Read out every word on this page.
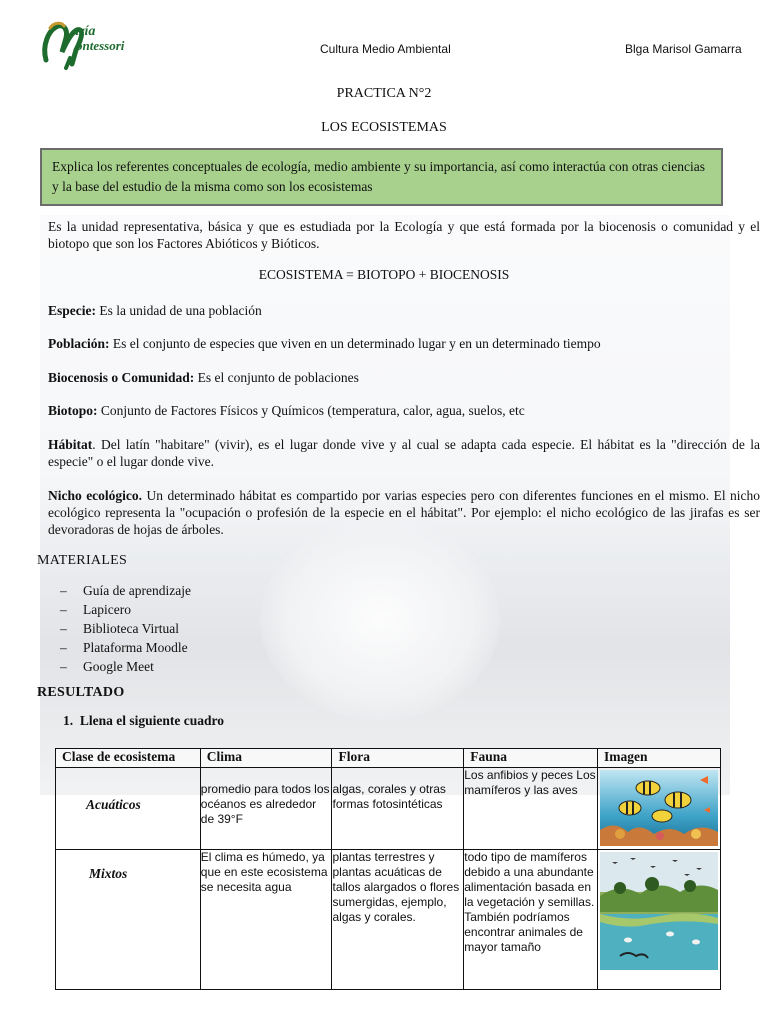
aría
ontessori	Cultura Medio Ambiental	Blga Marisol Gamarra
PRACTICA N°2
LOS ECOSISTEMAS
Explica los referentes conceptuales de ecología, medio ambiente y su importancia, así como interactúa con otras ciencias y la base del estudio de la misma como son los ecosistemas
Es la unidad representativa, básica y que es estudiada por la Ecología y que está formada por la biocenosis o comunidad y el biotopo que son los Factores Abióticos y Bióticos.
ECOSISTEMA = BIOTOPO + BIOCENOSIS
Especie: Es la unidad de una población
Población: Es el conjunto de especies que viven en un determinado lugar y en un determinado tiempo
Biocenosis o Comunidad: Es el conjunto de poblaciones
Biotopo: Conjunto de Factores Físicos y Químicos (temperatura, calor, agua, suelos, etc
Hábitat. Del latín "habitare" (vivir), es el lugar donde vive y al cual se adapta cada especie. El hábitat es la "dirección de la especie" o el lugar donde vive.
Nicho ecológico. Un determinado hábitat es compartido por varias especies pero con diferentes funciones en el mismo. El nicho ecológico representa la "ocupación o profesión de la especie en el hábitat". Por ejemplo: el nicho ecológico de las jirafas es ser devoradoras de hojas de árboles.
MATERIALES
– Guía de aprendizaje
– Lapicero
– Biblioteca Virtual
– Plataforma Moodle
– Google Meet
RESULTADO
1. Llena el siguiente cuadro
Clase de ecosistema	Clima	Flora	Fauna	Imagen

Acuáticos	promedio para todos los océanos es alrededor de 39°F	algas, corales y otras formas fotosintéticas	Los anfibios y peces Los mamíferos y las aves

Mixtos	El clima es húmedo, ya que en este ecosistema se necesita agua	plantas terrestres y plantas acuáticas de tallos alargados o flores sumergidas, ejemplo, algas y corales.	todo tipo de mamíferos debido a una abundante alimentación basada en la vegetación y semillas. También podríamos encontrar animales de mayor tamaño
